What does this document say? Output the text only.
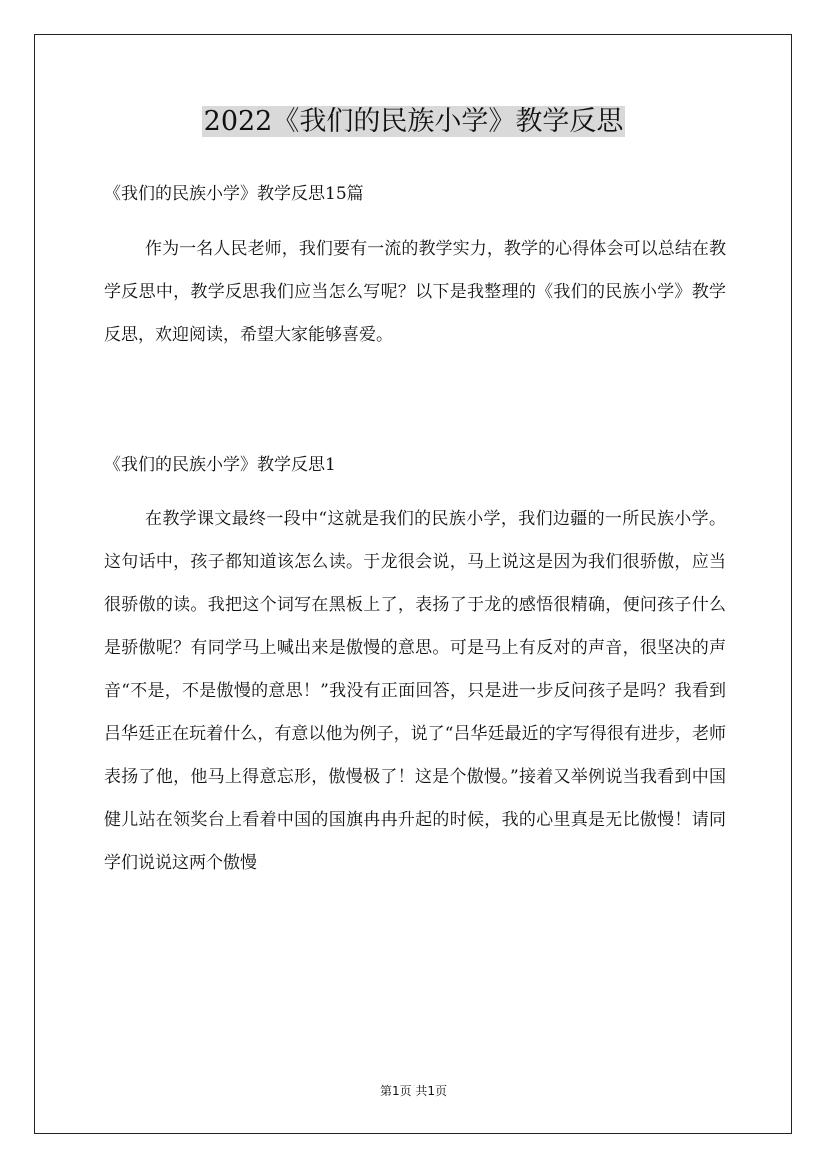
2022《我们的民族小学》教学反思

《我们的民族小学》教学反思15篇

作为一名人民老师，我们要有一流的教学实力，教学的心得体会可以总结在教学反思中，教学反思我们应当怎么写呢？以下是我整理的《我们的民族小学》教学反思，欢迎阅读，希望大家能够喜爱。

《我们的民族小学》教学反思1

在教学课文最终一段中“这就是我们的民族小学，我们边疆的一所民族小学。这句话中，孩子都知道该怎么读。于龙很会说，马上说这是因为我们很骄傲，应当很骄傲的读。我把这个词写在黑板上了，表扬了于龙的感悟很精确，便问孩子什么是骄傲呢？有同学马上喊出来是傲慢的意思。可是马上有反对的声音，很坚决的声音“不是，不是傲慢的意思！”我没有正面回答，只是进一步反问孩子是吗？我看到吕华廷正在玩着什么，有意以他为例子，说了“吕华廷最近的字写得很有进步，老师表扬了他，他马上得意忘形，傲慢极了！这是个傲慢。”接着又举例说当我看到中国健儿站在领奖台上看着中国的国旗冉冉升起的时候，我的心里真是无比傲慢！请同学们说说这两个傲慢

第1页 共1页
